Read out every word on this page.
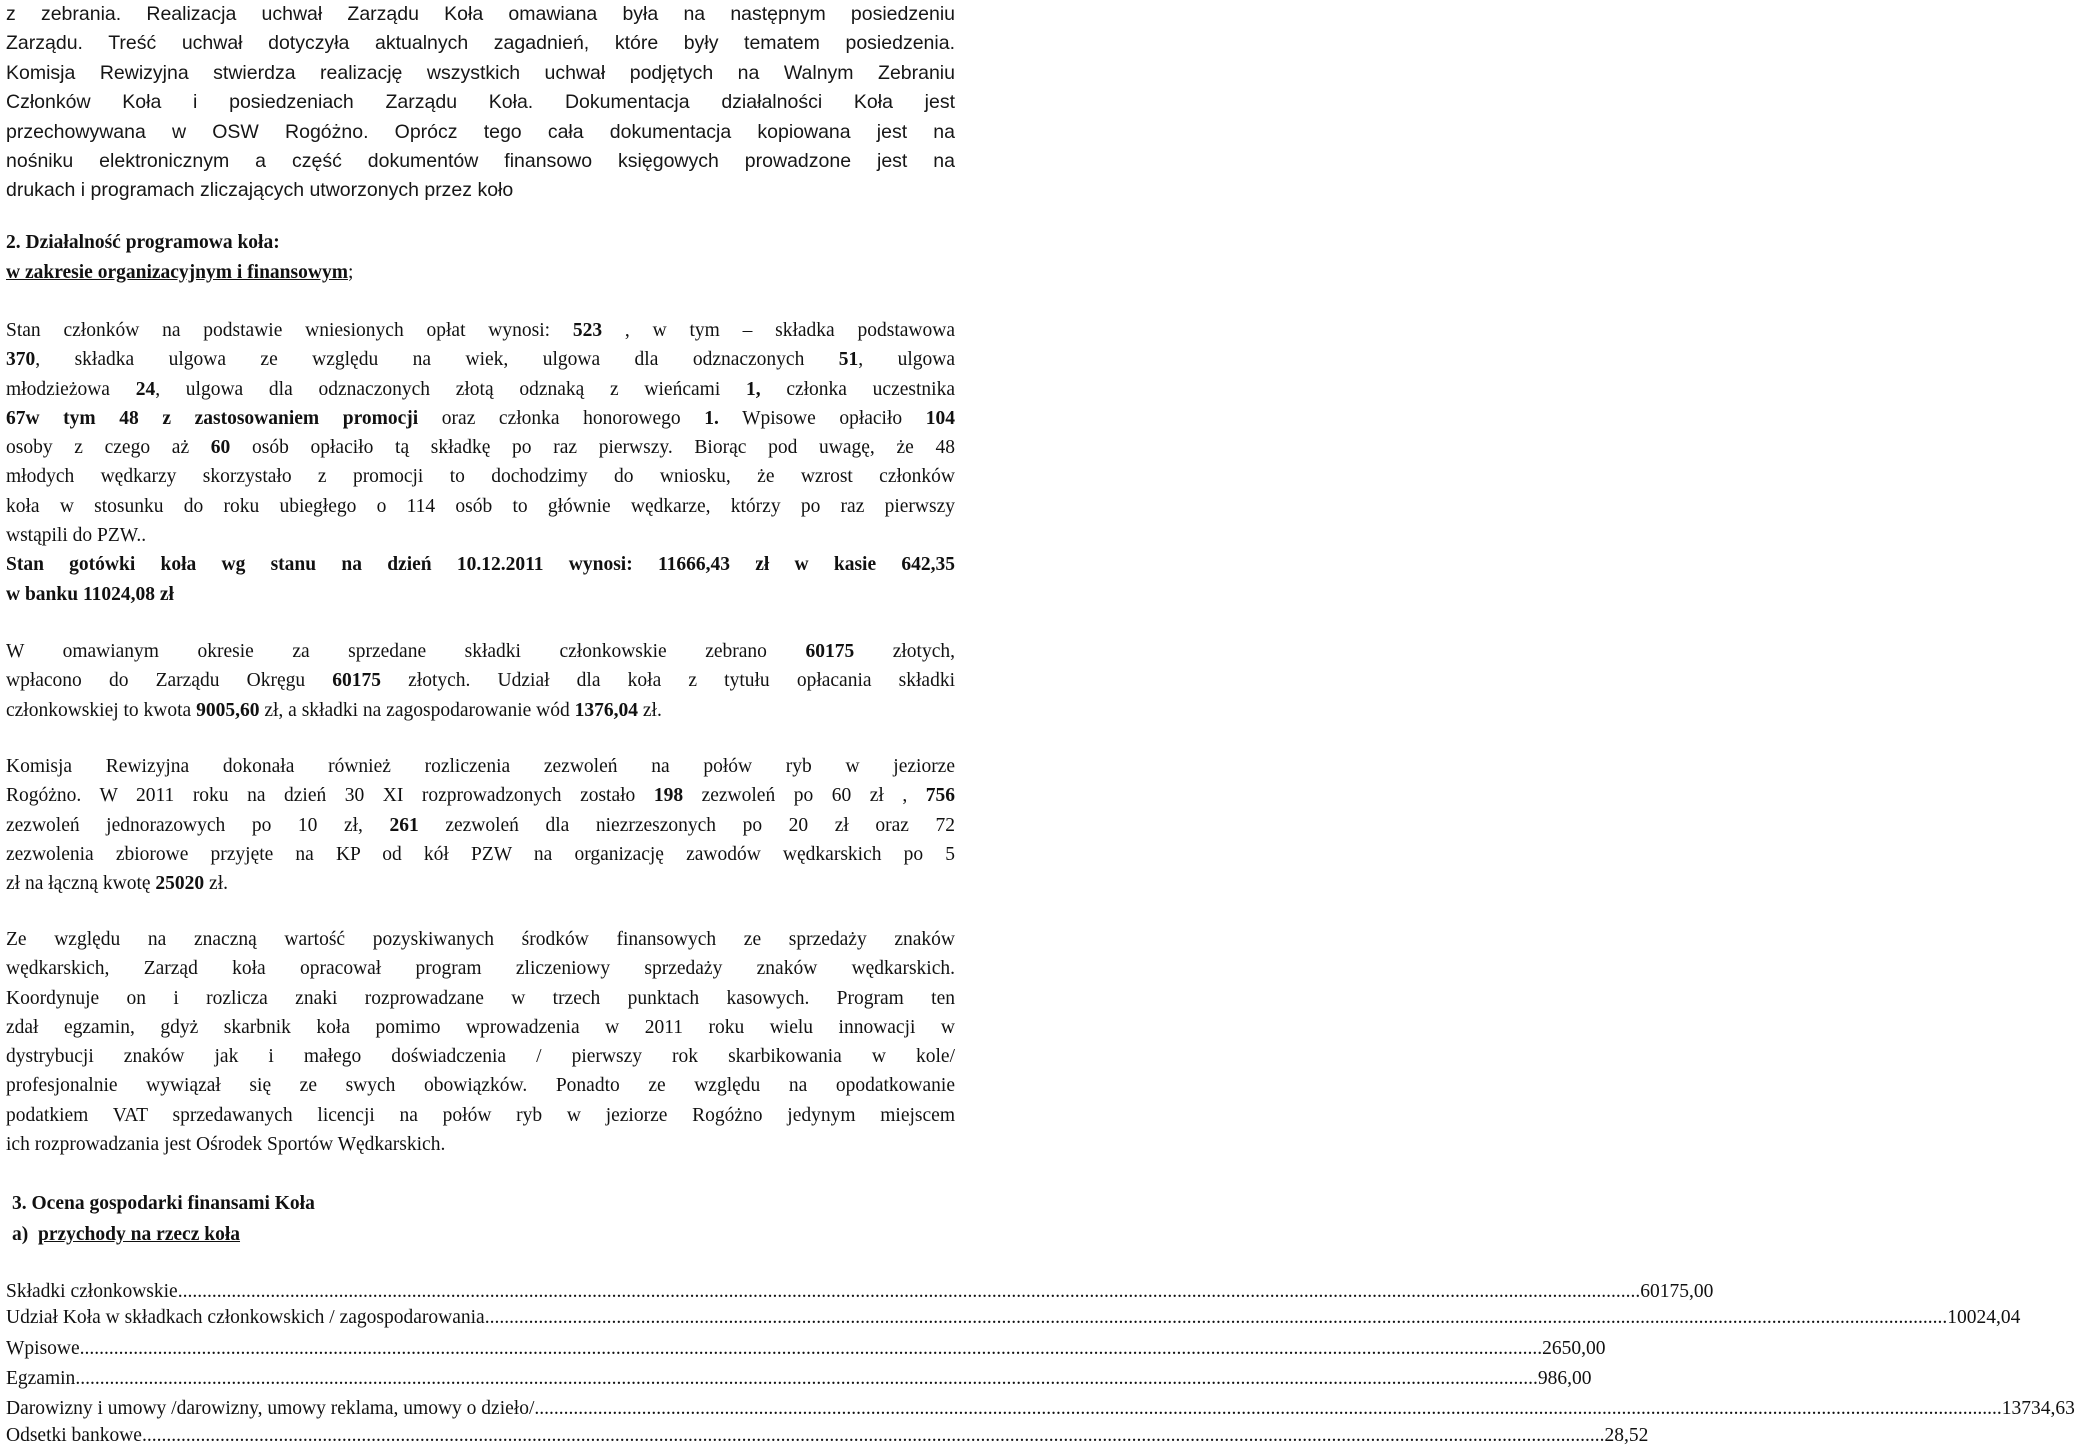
z zebrania. Realizacja uchwał Zarządu Koła omawiana była na następnym posiedzeniu
Zarządu. Treść uchwał dotyczyła aktualnych zagadnień, które były tematem posiedzenia.
Komisja Rewizyjna stwierdza realizację wszystkich uchwał podjętych na Walnym Zebraniu
Członków Koła i posiedzeniach Zarządu Koła. Dokumentacja działalności Koła jest
przechowywana w OSW Rogóżno. Oprócz tego cała dokumentacja kopiowana jest na
nośniku elektronicznym a część dokumentów finansowo księgowych prowadzone jest na
drukach i programach zliczających utworzonych przez koło
2. Działalność programowa koła:
w zakresie organizacyjnym i finansowym;
Stan członków na podstawie wniesionych opłat wynosi: 523 , w tym – składka podstawowa
370, składka ulgowa ze względu na wiek, ulgowa dla odznaczonych 51, ulgowa
młodzieżowa 24, ulgowa dla odznaczonych złotą odznaką z wieńcami 1, członka uczestnika
67w tym 48 z zastosowaniem promocji oraz członka honorowego 1. Wpisowe opłaciło 104
osoby z czego aż 60 osób opłaciło tą składkę po raz pierwszy. Biorąc pod uwagę, że 48
młodych wędkarzy skorzystało z promocji to dochodzimy do wniosku, że wzrost członków
koła w stosunku do roku ubiegłego o 114 osób to głównie wędkarze, którzy po raz pierwszy
wstąpili do PZW..
Stan gotówki koła wg stanu na dzień 10.12.2011 wynosi: 11666,43 zł w kasie 642,35
w banku 11024,08 zł
W omawianym okresie za sprzedane składki członkowskie zebrano 60175 złotych,
wpłacono do Zarządu Okręgu 60175 złotych. Udział dla koła z tytułu opłacania składki
członkowskiej to kwota 9005,60 zł, a składki na zagospodarowanie wód 1376,04 zł.
Komisja Rewizyjna dokonała również rozliczenia zezwoleń na połów ryb w jeziorze
Rogóżno. W 2011 roku na dzień 30 XI rozprowadzonych zostało 198 zezwoleń po 60 zł , 756
zezwoleń jednorazowych po 10 zł, 261 zezwoleń dla niezrzeszonych po 20 zł oraz 72
zezwolenia zbiorowe przyjęte na KP od kół PZW na organizację zawodów wędkarskich po 5
zł na łączną kwotę 25020 zł.
Ze względu na znaczną wartość pozyskiwanych środków finansowych ze sprzedaży znaków
wędkarskich, Zarząd koła opracował program zliczeniowy sprzedaży znaków wędkarskich.
Koordynuje on i rozlicza znaki rozprowadzane w trzech punktach kasowych. Program ten
zdał egzamin, gdyż skarbnik koła pomimo wprowadzenia w 2011 roku wielu innowacji w
dystrybucji znaków jak i małego doświadczenia / pierwszy rok skarbikowania w kole/
profesjonalnie wywiązał się ze swych obowiązków. Ponadto ze względu na opodatkowanie
podatkiem VAT sprzedawanych licencji na połów ryb w jeziorze Rogóżno jedynym miejscem
ich rozprowadzania jest Ośrodek Sportów Wędkarskich.
3. Ocena gospodarki finansami Koła
a) przychody na rzecz koła
Składki członkowskie ............................................................................................................................................................................................................................................................................................................ 60175,00
Udział Koła w składkach członkowskich / zagospodarowania ............................................................................................................................................................................................................................................................................................................ 10024,04
Wpisowe ............................................................................................................................................................................................................................................................................................................ 2650,00
Egzamin ............................................................................................................................................................................................................................................................................................................ 986,00
Darowizny i umowy /darowizny, umowy reklama, umowy o dzieło/ ............................................................................................................................................................................................................................................................................................................ .13734,63
Odsetki bankowe ............................................................................................................................................................................................................................................................................................................ 28,52
